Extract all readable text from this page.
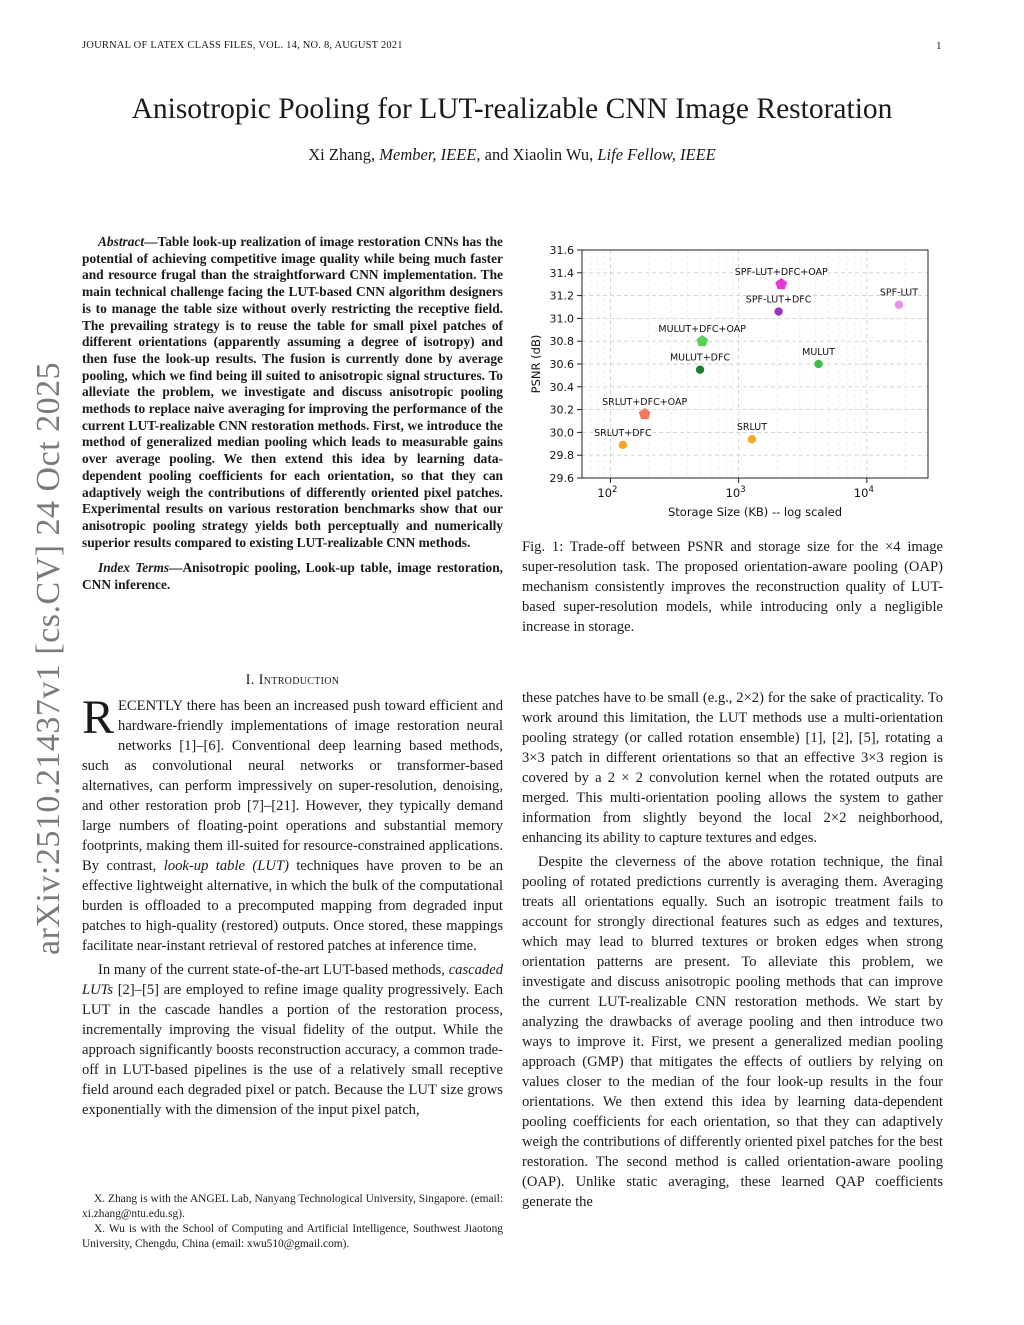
JOURNAL OF LATEX CLASS FILES, VOL. 14, NO. 8, AUGUST 2021	1
Anisotropic Pooling for LUT-realizable CNN Image Restoration
Xi Zhang, Member, IEEE, and Xiaolin Wu, Life Fellow, IEEE
arXiv:2510.21437v1 [cs.CV] 24 Oct 2025

Abstract—Table look-up realization of image restoration CNNs has the potential of achieving competitive image quality while being much faster and resource frugal than the straightforward CNN implementation. The main technical challenge facing the LUT-based CNN algorithm designers is to manage the table size without overly restricting the receptive field. The prevailing strategy is to reuse the table for small pixel patches of different orientations (apparently assuming a degree of isotropy) and then fuse the look-up results. The fusion is currently done by average pooling, which we find being ill suited to anisotropic signal structures. To alleviate the problem, we investigate and discuss anisotropic pooling methods to replace naive averaging for improving the performance of the current LUT-realizable CNN restoration methods. First, we introduce the method of generalized median pooling which leads to measurable gains over average pooling. We then extend this idea by learning data-dependent pooling coefficients for each orientation, so that they can adaptively weigh the contributions of differently oriented pixel patches. Experimental results on various restoration benchmarks show that our anisotropic pooling strategy yields both perceptually and numerically superior results compared to existing LUT-realizable CNN methods.

Index Terms—Anisotropic pooling, Look-up table, image restoration, CNN inference.

I. Introduction

RECENTLY there has been an increased push toward efficient and hardware-friendly implementations of image restoration neural networks [1]–[6]. Conventional deep learning based methods, such as convolutional neural networks or transformer-based alternatives, can perform impressively on super-resolution, denoising, and other restoration prob [7]–[21]. However, they typically demand large numbers of floating-point operations and substantial memory footprints, making them ill-suited for resource-constrained applications. By contrast, look-up table (LUT) techniques have proven to be an effective lightweight alternative, in which the bulk of the computational burden is offloaded to a precomputed mapping from degraded input patches to high-quality (restored) outputs. Once stored, these mappings facilitate near-instant retrieval of restored patches at inference time.

In many of the current state-of-the-art LUT-based methods, cascaded LUTs [2]–[5] are employed to refine image quality progressively. Each LUT in the cascade handles a portion of the restoration process, incrementally improving the visual fidelity of the output. While the approach significantly boosts reconstruction accuracy, a common trade-off in LUT-based pipelines is the use of a relatively small receptive field around each degraded pixel or patch. Because the LUT size grows exponentially with the dimension of the input pixel patch,

X. Zhang is with the ANGEL Lab, Nanyang Technological University, Singapore. (email: xi.zhang@ntu.edu.sg).

X. Wu is with the School of Computing and Artificial Intelligence, Southwest Jiaotong University, Chengdu, China (email: xwu510@gmail.com).

$10^2$	$10^3$	$10^4$
29.6
29.8
30.0
30.2
30.4
30.6
30.8
31.0
31.2
31.4
31.6
Storage Size (KB) -- log scaled
PSNR (dB)
SRLUT+DFC
SRLUT+DFC+OAP
SRLUT
MULUT+DFC
MULUT+DFC+OAP
MULUT
SPF-LUT+DFC
SPF-LUT+DFC+OAP
SPF-LUT
Fig. 1: Trade-off between PSNR and storage size for the ×4 image super-resolution task. The proposed orientation-aware pooling (OAP) mechanism consistently improves the reconstruction quality of LUT-based super-resolution models, while introducing only a negligible increase in storage.

these patches have to be small (e.g., 2×2) for the sake of practicality. To work around this limitation, the LUT methods use a multi-orientation pooling strategy (or called rotation ensemble) [1], [2], [5], rotating a 3×3 patch in different orientations so that an effective 3×3 region is covered by a 2 × 2 convolution kernel when the rotated outputs are merged. This multi-orientation pooling allows the system to gather information from slightly beyond the local 2×2 neighborhood, enhancing its ability to capture textures and edges.

Despite the cleverness of the above rotation technique, the final pooling of rotated predictions currently is averaging them. Averaging treats all orientations equally. Such an isotropic treatment fails to account for strongly directional features such as edges and textures, which may lead to blurred textures or broken edges when strong orientation patterns are present. To alleviate this problem, we investigate and discuss anisotropic pooling methods that can improve the current LUT-realizable CNN restoration methods. We start by analyzing the drawbacks of average pooling and then introduce two ways to improve it. First, we present a generalized median pooling approach (GMP) that mitigates the effects of outliers by relying on values closer to the median of the four look-up results in the four orientations. We then extend this idea by learning data-dependent pooling coefficients for each orientation, so that they can adaptively weigh the contributions of differently oriented pixel patches for the best restoration. The second method is called orientation-aware pooling (OAP). Unlike static averaging, these learned QAP coefficients generate the
